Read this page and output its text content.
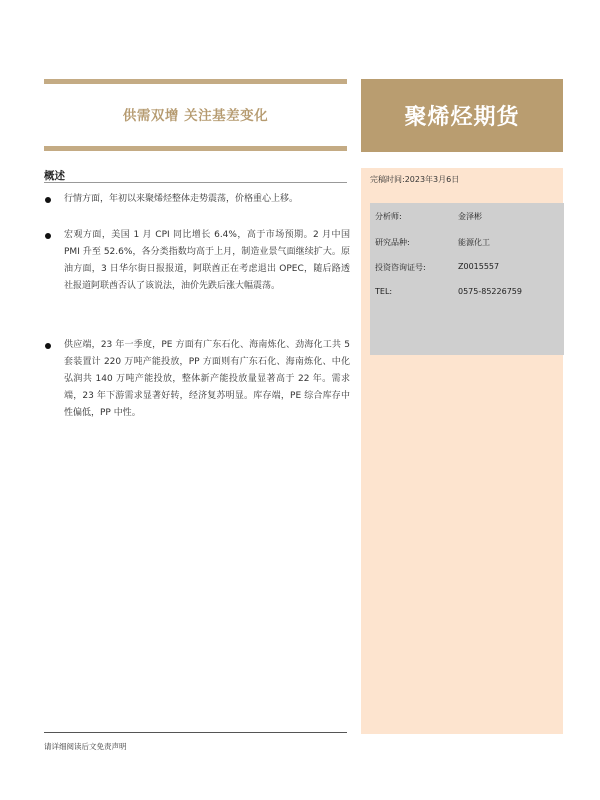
供需双增 关注基差变化	聚烯烃期货
完稿时间:2023年3月6日
分析师:	金泽彬
研究品种:	能源化工
投资咨询证号:	Z0015557
TEL:	0575-85226759
概述
行情方面，年初以来聚烯烃整体走势震荡，价格重心上移。
宏观方面，美国 1 月 CPI 同比增长 6.4%，高于市场预期。2 月中国 PMI 升至 52.6%，各分类指数均高于上月，制造业景气面继续扩大。原油方面，3 日华尔街日报报道，阿联酋正在考虑退出 OPEC，随后路透社报道阿联酋否认了该说法，油价先跌后涨大幅震荡。
供应端，23 年一季度，PE 方面有广东石化、海南炼化、劲海化工共 5 套装置计 220 万吨产能投放，PP 方面则有广东石化、海南炼化、中化弘润共 140 万吨产能投放，整体新产能投放量显著高于 22 年。需求端，23 年下游需求显著好转，经济复苏明显。库存端，PE 综合库存中性偏低，PP 中性。
请详细阅读后文免责声明
